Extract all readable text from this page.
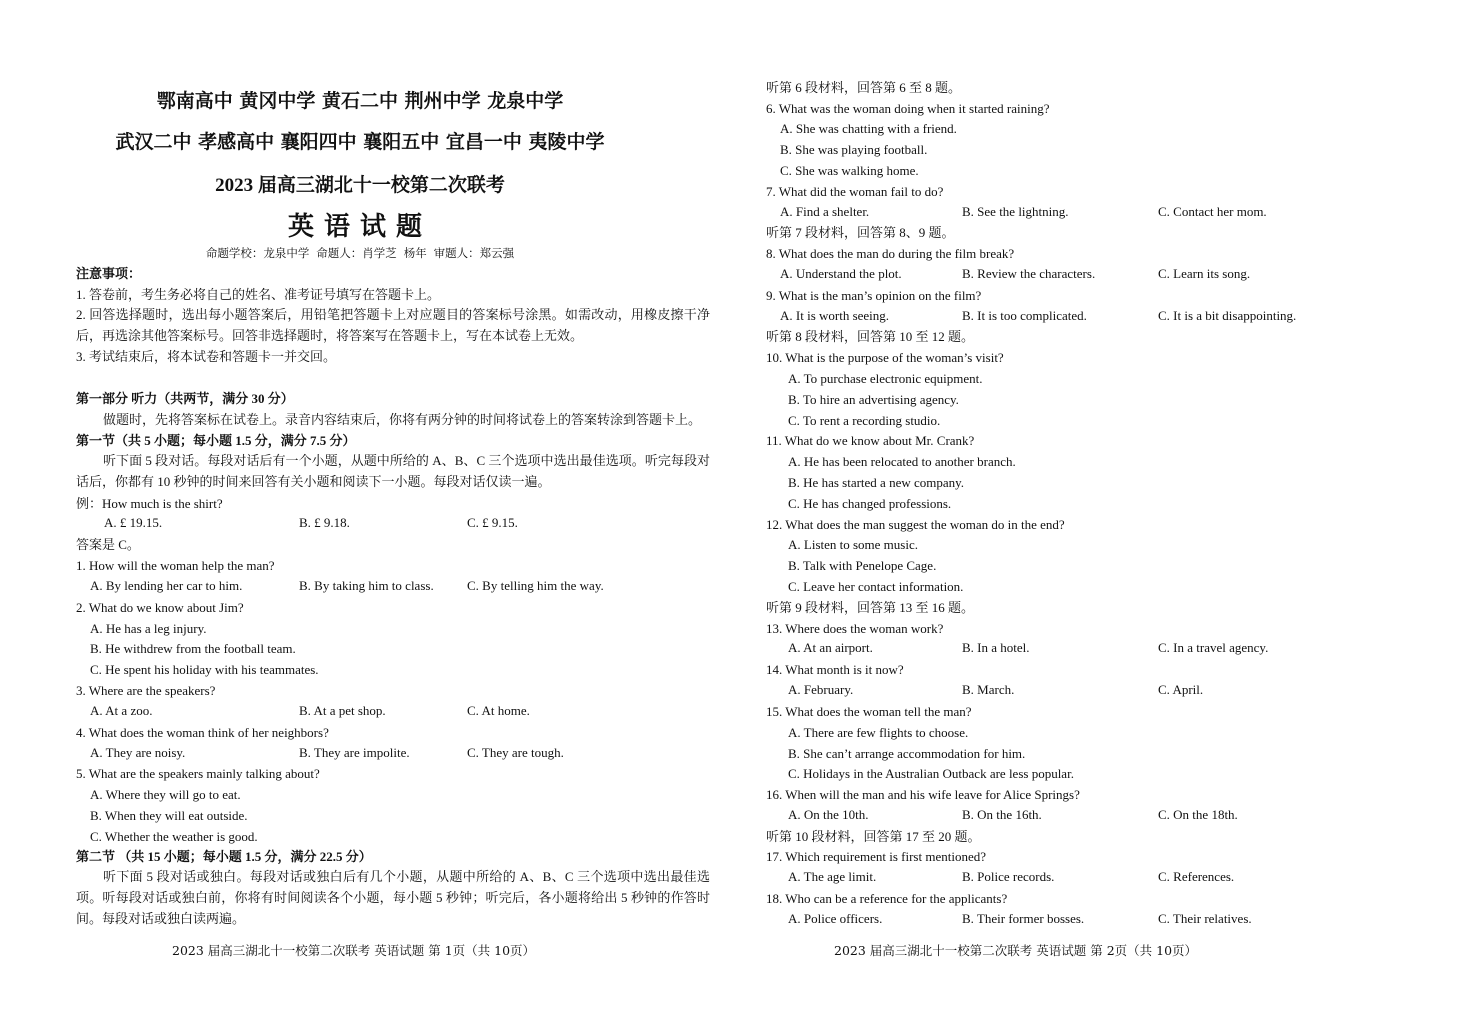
鄂南高中 黄冈中学 黄石二中 荆州中学 龙泉中学
武汉二中 孝感高中 襄阳四中 襄阳五中 宜昌一中 夷陵中学
2023 届高三湖北十一校第二次联考
英语试题
命题学校：龙泉中学 命题人：肖学芝 杨年 审题人：郑云强
注意事项：
1. 答卷前，考生务必将自己的姓名、准考证号填写在答题卡上。
2. 回答选择题时，选出每小题答案后，用铅笔把答题卡上对应题目的答案标号涂黑。如需改动，用橡皮擦干净后，再选涂其他答案标号。回答非选择题时，将答案写在答题卡上，写在本试卷上无效。
3. 考试结束后，将本试卷和答题卡一并交回。
第一部分 听力（共两节，满分 30 分）
做题时，先将答案标在试卷上。录音内容结束后，你将有两分钟的时间将试卷上的答案转涂到答题卡上。
第一节（共 5 小题；每小题 1.5 分，满分 7.5 分）
听下面 5 段对话。每段对话后有一个小题，从题中所给的 A、B、C 三个选项中选出最佳选项。听完每段对话后，你都有 10 秒钟的时间来回答有关小题和阅读下一小题。每段对话仅读一遍。
例：How much is the shirt?
A. £ 19.15.	B. £ 9.18.	C. £ 9.15.
答案是 C。
1. How will the woman help the man?
A. By lending her car to him.	B. By taking him to class.	C. By telling him the way.
2. What do we know about Jim?
A. He has a leg injury.
B. He withdrew from the football team.
C. He spent his holiday with his teammates.
3. Where are the speakers?
A. At a zoo.	B. At a pet shop.	C. At home.
4. What does the woman think of her neighbors?
A. They are noisy.	B. They are impolite.	C. They are tough.
5. What are the speakers mainly talking about?
A. Where they will go to eat.
B. When they will eat outside.
C. Whether the weather is good.
第二节 （共 15 小题；每小题 1.5 分，满分 22.5 分）
听下面 5 段对话或独白。每段对话或独白后有几个小题，从题中所给的 A、B、C 三个选项中选出最佳选项。听每段对话或独白前，你将有时间阅读各个小题，每小题 5 秒钟；听完后，各小题将给出 5 秒钟的作答时间。每段对话或独白读两遍。
2023 届高三湖北十一校第二次联考 英语试题 第 1页（共 10页）
听第 6 段材料，回答第 6 至 8 题。
6. What was the woman doing when it started raining?
A. She was chatting with a friend.
B. She was playing football.
C. She was walking home.
7. What did the woman fail to do?
A. Find a shelter.	B. See the lightning.	C. Contact her mom.
听第 7 段材料，回答第 8、9 题。
8. What does the man do during the film break?
A. Understand the plot.	B. Review the characters.	C. Learn its song.
9. What is the man’s opinion on the film?
A. It is worth seeing.	B. It is too complicated.	C. It is a bit disappointing.
听第 8 段材料，回答第 10 至 12 题。
10. What is the purpose of the woman’s visit?
A. To purchase electronic equipment.
B. To hire an advertising agency.
C. To rent a recording studio.
11. What do we know about Mr. Crank?
A. He has been relocated to another branch.
B. He has started a new company.
C. He has changed professions.
12. What does the man suggest the woman do in the end?
A. Listen to some music.
B. Talk with Penelope Cage.
C. Leave her contact information.
听第 9 段材料，回答第 13 至 16 题。
13. Where does the woman work?
A. At an airport.	B. In a hotel.	C. In a travel agency.
14. What month is it now?
A. February.	B. March.	C. April.
15. What does the woman tell the man?
A. There are few flights to choose.
B. She can’t arrange accommodation for him.
C. Holidays in the Australian Outback are less popular.
16. When will the man and his wife leave for Alice Springs?
A. On the 10th.	B. On the 16th.	C. On the 18th.
听第 10 段材料，回答第 17 至 20 题。
17. Which requirement is first mentioned?
A. The age limit.	B. Police records.	C. References.
18. Who can be a reference for the applicants?
A. Police officers.	B. Their former bosses.	C. Their relatives.
2023 届高三湖北十一校第二次联考 英语试题 第 2页（共 10页）
